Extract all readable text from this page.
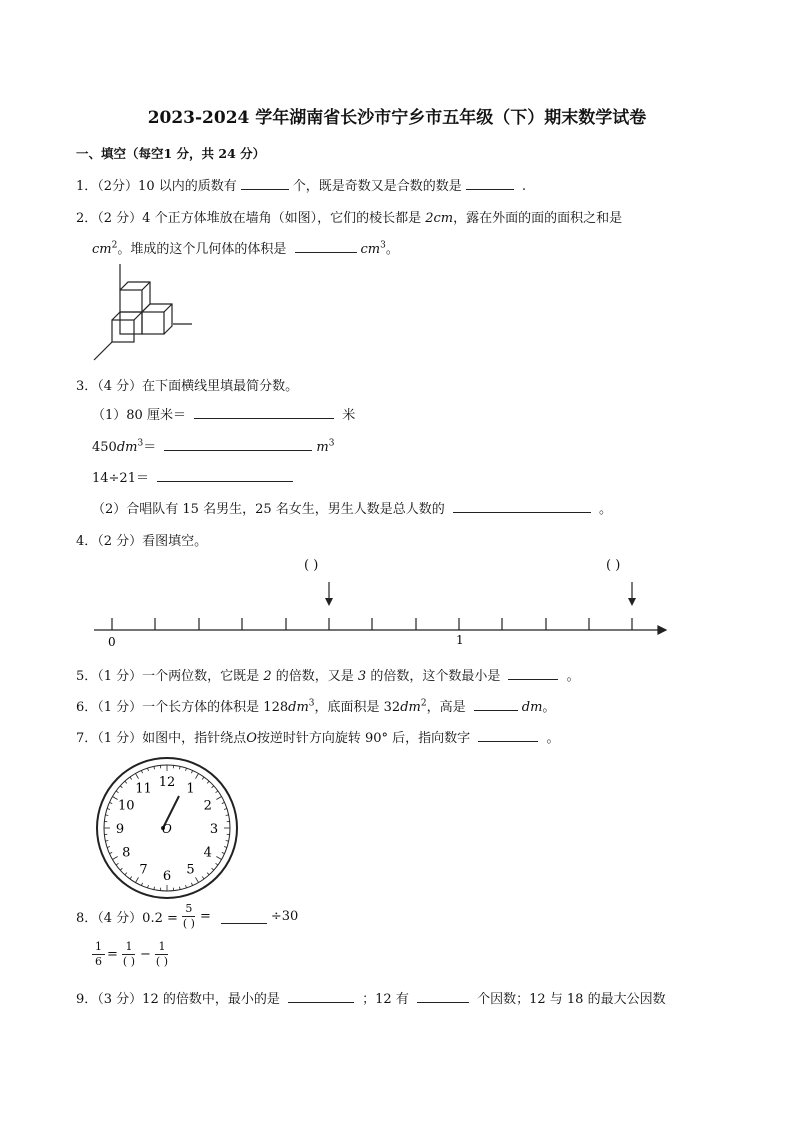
2023-2024 学年湖南省长沙市宁乡市五年级（下）期末数学试卷
一、填空（每空1 分，共 24 分）
1．（2分）10 以内的质数有	个，既是奇数又是合数的数是	.
2．（2 分）4 个正方体堆放在墙角（如图），它们的棱长都是 2cm，露在外面的面的面积之和是
$cm^2$。堆成的这个几何体的体积是	$cm^3$。
3．（4 分）在下面横线里填最简分数。
（1）80 厘米＝	米
$450dm^3=$	$m^3$
14÷21＝
（2）合唱队有 15 名男生，25 名女生，男生人数是总人数的	。
4．（2 分）看图填空。
( )	( )
0	1
5．（1 分）一个两位数，它既是 2 的倍数，又是 3 的倍数，这个数最小是	。
6．（1 分）一个长方体的体积是 $128dm^3$，底面积是 $32dm^2$，高是	dm。
7．（1 分）如图中，指针绕点O按逆时针方向旋转 90° 后，指向数字	。
12 1
2
3
4
5
6
7
8
9
10
11
O
8．（4 分）$0.2 = \frac{5}{( )}$ =	÷30
$\frac{1}{6} = \frac{1}{( )} - \frac{1}{( )}$
9．（3 分）12 的倍数中，最小的是	；12 有	个因数；12 与 18 的最大公因数
